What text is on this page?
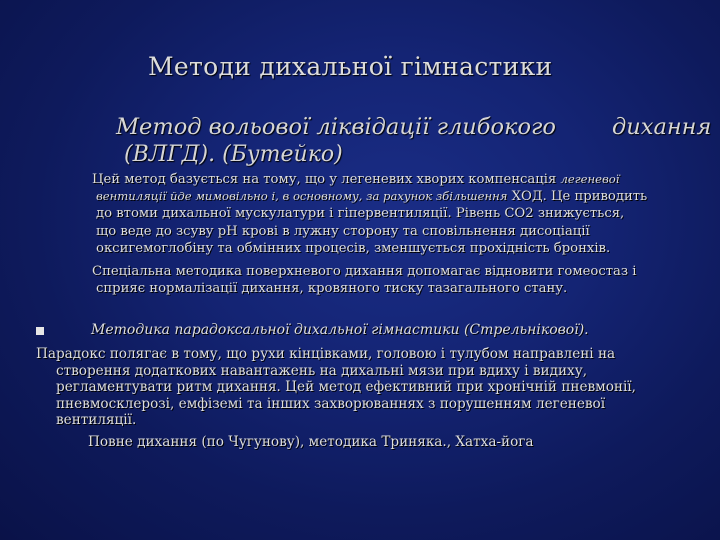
Методи дихальної гімнастики
Метод вольової ліквідації глибокого дихання
(ВЛГД). (Бутейко)
Цей метод базується на тому, що у легеневих хворих компенсація легеневої
вентиляції йде мимовільно і, в основному, за рахунок збільшення ХОД. Це приводить
до втоми дихальної мускулатури і гіпервентиляції. Рівень СО2 знижується,
що веде до зсуву рН крові в лужну сторону та сповільнення дисоціації
оксигемоглобіну та обмінних процесів, зменшується прохідність бронхів.
Спеціальна методика поверхневого дихання допомагає відновити гомеостаз і
сприяє нормалізації дихання, кровяного тиску тазагального стану.
Методика парадоксальної дихальної гімнастики (Стрельнікової).
Парадокс полягає в тому, що рухи кінцівками, головою і тулубом направлені на
створення додаткових навантажень на дихальні мязи при вдиху і видиху,
регламентувати ритм дихання. Цей метод ефективний при хронічній пневмонії,
пневмосклерозі, емфіземі та інших захворюваннях з порушенням легеневої
вентиляції.
Повне дихання (по Чугунову), методика Триняка., Хатха-йога
